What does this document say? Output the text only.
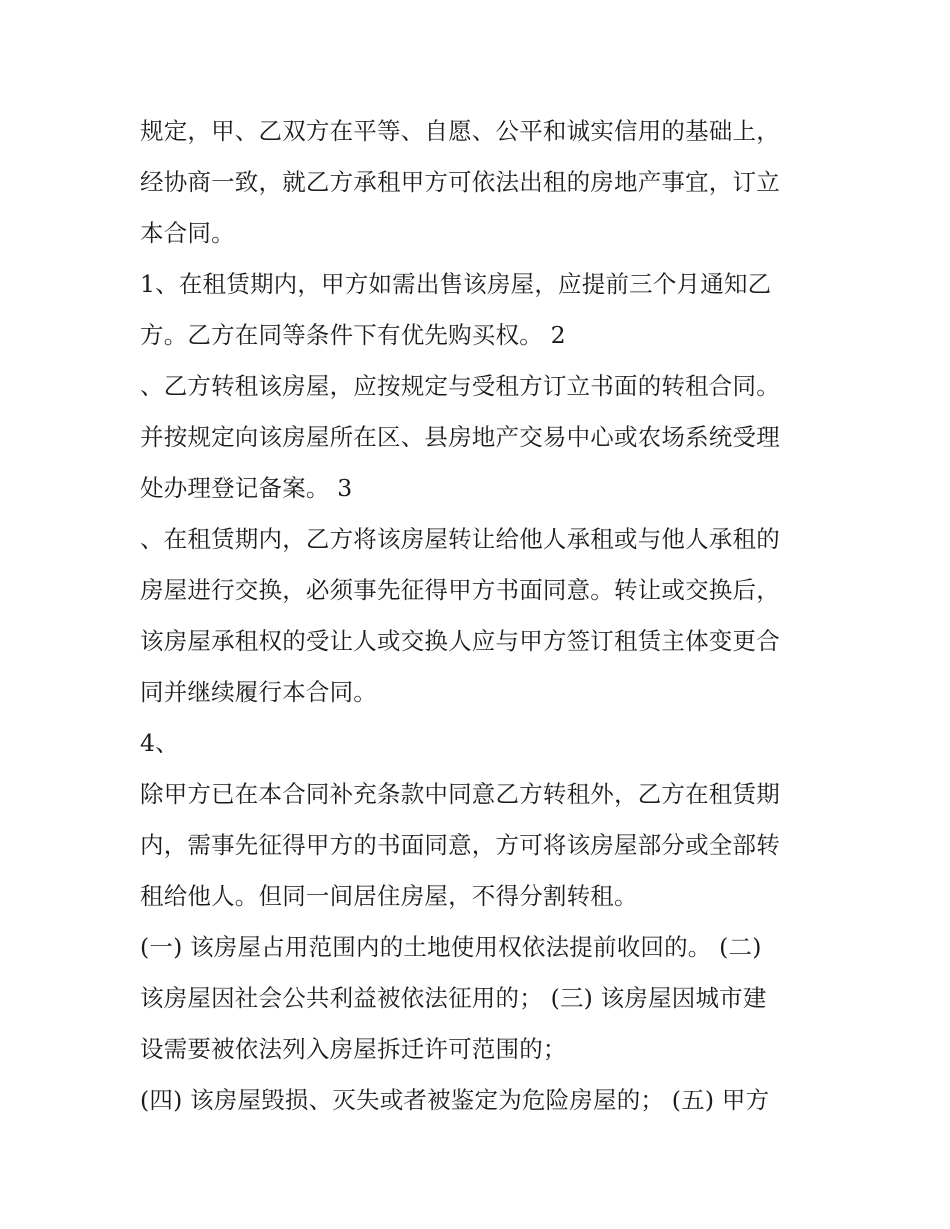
规定，甲、乙双方在平等、自愿、公平和诚实信用的基础上，
经协商一致，就乙方承租甲方可依法出租的房地产事宜，订立
本合同。
1、在租赁期内，甲方如需出售该房屋，应提前三个月通知乙
方。乙方在同等条件下有优先购买权。 2
、乙方转租该房屋，应按规定与受租方订立书面的转租合同。
并按规定向该房屋所在区、县房地产交易中心或农场系统受理
处办理登记备案。 3
、在租赁期内，乙方将该房屋转让给他人承租或与他人承租的
房屋进行交换，必须事先征得甲方书面同意。转让或交换后，
该房屋承租权的受让人或交换人应与甲方签订租赁主体变更合
同并继续履行本合同。
4、
除甲方已在本合同补充条款中同意乙方转租外，乙方在租赁期
内，需事先征得甲方的书面同意，方可将该房屋部分或全部转
租给他人。但同一间居住房屋，不得分割转租。
(一) 该房屋占用范围内的土地使用权依法提前收回的。 (二)
该房屋因社会公共利益被依法征用的； (三) 该房屋因城市建
设需要被依法列入房屋拆迁许可范围的；
(四) 该房屋毁损、灭失或者被鉴定为危险房屋的； (五) 甲方
